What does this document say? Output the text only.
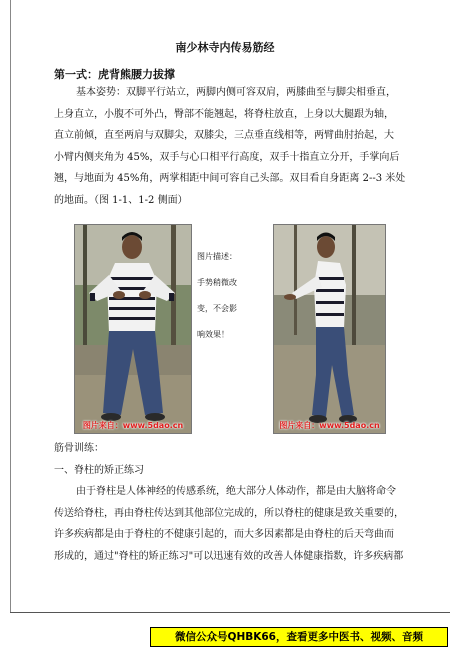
南少林寺内传易筋经
第一式：虎背熊腰力拔撑
基本姿势：双脚平行站立，两脚内侧可容双肩，两膝曲至与脚尖相垂直，
上身直立，小腹不可外凸，臀部不能翘起，将脊柱放直，上身以大腿跟为轴，
直立前倾，直至两肩与双脚尖，双膝尖，三点垂直线相等，两臂曲肘抬起，大
小臂内侧夹角为 45%，双手与心口相平行高度，双手十指直立分开，手掌向后
翘，与地面为 45%角，两掌相距中间可容自己头部。双目看自身距离 2--3 米处
的地面。（图 1-1、1-2 侧面）
图片来自：www.5dao.cn
图片描述：
手势稍微改
变，不会影
响效果！
图片来自：www.5dao.cn
筋骨训练：
一、脊柱的矫正练习
由于脊柱是人体神经的传感系统，绝大部分人体动作，都是由大脑将命令
传送给脊柱，再由脊柱传达到其他部位完成的，所以脊柱的健康是致关重要的，
许多疾病都是由于脊柱的不健康引起的，而大多因素都是由脊柱的后天弯曲而
形成的，通过"脊柱的矫正练习"可以迅速有效的改善人体健康指数，许多疾病都
微信公众号QHBK66，查看更多中医书、视频、音频
